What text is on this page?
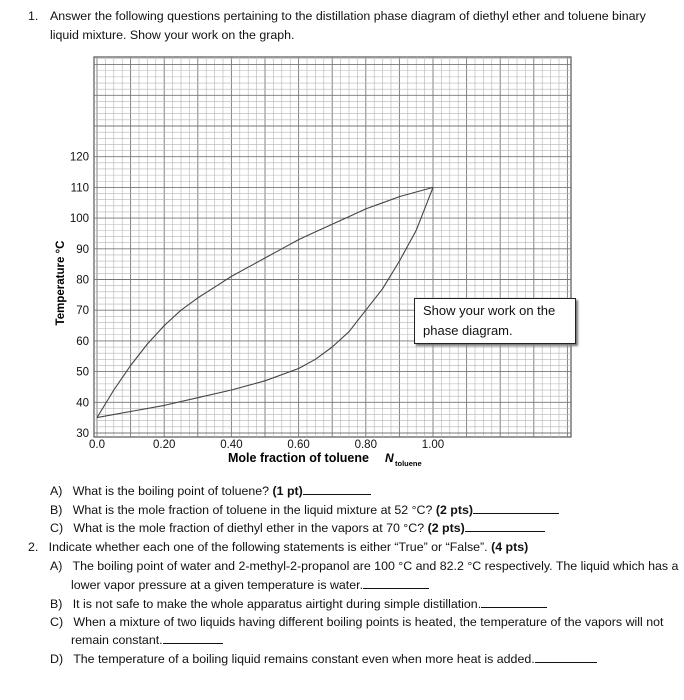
1. Answer the following questions pertaining to the distillation phase diagram of diethyl ether and toluene binary
liquid mixture. Show your work on the graph.
30
40
50
60
70
80
90
100
110
120
0.0	0.20	0.40	0.60	0.80	1.00
Mole fraction of toluene N toluene
Temperature °C	Show your work on the phase diagram.
A) What is the boiling point of toluene? (1 pt)
B) What is the mole fraction of toluene in the liquid mixture at 52 °C? (2 pts)
C) What is the mole fraction of diethyl ether in the vapors at 70 °C? (2 pts)
2. Indicate whether each one of the following statements is either “True” or “False”. (4 pts)
A) The boiling point of water and 2-methyl-2-propanol are 100 °C and 82.2 °C respectively. The liquid which has a
lower vapor pressure at a given temperature is water.
B) It is not safe to make the whole apparatus airtight during simple distillation.
C) When a mixture of two liquids having different boiling points is heated, the temperature of the vapors will not
remain constant.
D) The temperature of a boiling liquid remains constant even when more heat is added.
